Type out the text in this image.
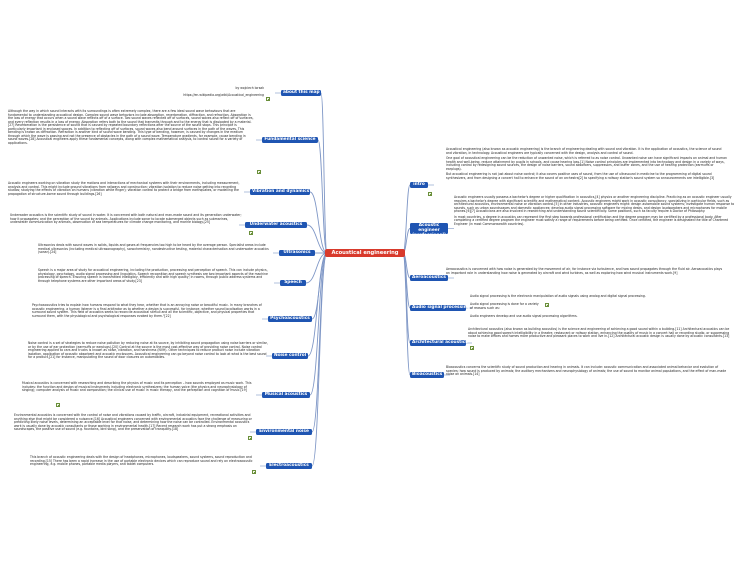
Acoustical engineering
about this map
by wojciech lorsak
https://en.wikipedia.org/wiki/Acoustical_engineering
Fundamental science
Although the way in which sound interacts with its surroundings is often extremely complex, there are a few ideal sound wave behaviours that are fundamental to understanding acoustical design. Complex sound wave behaviors include absorption, reverberation, diffraction, and refraction. Absorption is the loss of energy that occurs when a sound wave reflects off of a surface. Two sound waves reflected off of surfaces, sound waves also reflect off of surfaces, and every reflection results in a loss of energy. Absorption refers both to the sound that transmits through and to the energy that is dissipated by a material.[27] Reverberation is the persistence of sound that is caused by repeated boundary reflections after the source of the sound stops. This principle is particularly important in enclosed spaces. In addition to reflecting off of surfaces, sound waves also bend around surfaces in the path of the waves. This bending is known as diffraction. Refraction is another kind of sound wave bending. This type of bending, however, is caused by changes in the medium through which the wave is passing and not the presence of obstacles in the path of a sound wave. Temperature gradients, for example, cause bending in sound waves.[28] Acoustical engineers apply these fundamental concepts, along with complex mathematical analysis, to control sound for a variety of applications.
Vibration and dynamics
Acoustic engineers working on vibration study the motions and interactions of mechanical systems with their environments, including measurement, analysis and control. This might include ground vibrations from railways and construction; vibration isolation to reduce noise getting into recording studios; studying the effects of vibration on humans (vibration white finger); vibration control to protect a bridge from earthquakes, or modelling the propagation of structure-borne sound through buildings.[26]
Underwater acoustics
Underwater acoustics is the scientific study of sound in water. It is concerned with both natural and man-made sound and its generation underwater; how it propagates; and the perception of the sound by animals. Applications include sonar to locate submerged objects such as submarines, underwater communication by animals, observation of sea temperatures for climate change monitoring, and marine biology.[25]
Ultrasonics
Ultrasonics deals with sound waves in solids, liquids and gases at frequencies too high to be heard by the average person. Specialist areas include medical ultrasonics (including medical ultrasonography), sonochemistry, nondestructive testing, material characterisation and underwater acoustics (sonar).[24]
Speech
Speech is a major area of study for acoustical engineering, including the production, processing and perception of speech. This can include physics, physiology, psychology, audio signal processing and linguistics. Speech recognition and speech synthesis are two important aspects of the machine processing of speech. Ensuring speech is transmitted intelligibly, efficiently and with high quality; in rooms, through public address systems and through telephone systems are other important areas of study.[23]
Psychoacoustics
Psychoacoustics tries to explain how humans respond to what they hear, whether that is an annoying noise or beautiful music. In many branches of acoustic engineering, a human listener is a final arbitrator as to whether a design is successful, for instance, whether sound localisation works in a surround sound system. This field of acoustics seeks to reconcile acoustical stimuli and all the scientific, objective, and physical properties that surround them, with the physiological and psychological responses evoked by them."[22]
Noise control
Noise control is a set of strategies to reduce noise pollution by reducing noise at its source, by inhibiting sound propagation using noise barriers or similar, or by the use of ear protection (earmuffs or earplugs).[20] Control at the source is the most cost-effective way of providing noise control. Noise control engineering applied to cars and trucks is known as noise, vibration, and harshness (NVH). Other techniques to reduce product noise include vibration isolation, application of acoustic absorbent and acoustic enclosures. Acoustical engineering can go beyond noise control to look at what is the best sound for a product,[21] for instance, manipulating the sound of door closures on automobiles.
Musical acoustics
Musical acoustics is concerned with researching and describing the physics of music and its perception – how sounds employed as music work. This includes: the function and design of musical instruments including electronic synthesizers; the human voice (the physics and neurophysiology of singing); computer analysis of music and composition; the clinical use of music in music therapy, and the perception and cognition of music.[19]
Environmental noise
Environmental acoustics is concerned with the control of noise and vibrations caused by traffic, aircraft, industrial equipment, recreational activities and anything else that might be considered a nuisance.[16] Acoustical engineers concerned with environmental acoustics face the challenge of measuring or predicting likely noise levels, determining an acceptable level for that noise, and determining how the noise can be controlled. Environmental acoustics work is usually done by acoustic consultants or those working in environmental health.[17] Recent research work has put a strong emphasis on soundscapes, the positive use of sound (e.g. fountains, bird song), and the preservation of tranquility.[18]
Electroacoustics
This branch of acoustic engineering deals with the design of headphones, microphones, loudspeakers, sound systems, sound reproduction and recording.[15] There has been a rapid increase in the use of portable electronic devices which can reproduce sound and rely on electroacoustic engineering, e.g. mobile phones, portable media players, and tablet computers.
intro

Acoustical engineering (also known as acoustic engineering) is the branch of engineering dealing with sound and vibration. It is the application of acoustics, the science of sound and vibration, in technology. Acoustical engineers are typically concerned with the design, analysis and control of sound.

One goal of acoustical engineering can be the reduction of unwanted noise, which is referred to as noise control. Unwanted noise can have significant impacts on animal and human health and well-being, reduce attainment by pupils in schools, and cause hearing loss.[1] Noise control principles are implemented into technology and design in a variety of ways, including control by redesigning sound sources, the design of noise barriers, sound absorbers, suppressors, and buffer zones, and the use of hearing protection (earmuffs or earplugs).

But acoustical engineering is not just about noise control; it also covers positive uses of sound, from the use of ultrasound in medicine to the programming of digital sound synthesizers, and from designing a concert hall to enhance the sound of an orchestra[2] to specifying a railway station's sound system so announcements are intelligible.[3]

Acoustic engineer (professional)

Acoustic engineers usually possess a bachelor's degree or higher qualification in acoustics,[4] physics or another engineering discipline. Practicing as an acoustic engineer usually requires a bachelor's degree with significant scientific and mathematical content. Acoustic engineers might work in acoustic consultancy, specializing in particular fields, such as architectural acoustics, environmental noise or vibration control.[5] In other industries, acoustic engineers might: design automobile sound systems; investigate human response to sounds, such as urban soundscapes and domestic appliances; develop audio signal processing software for mixing desks, and design loudspeakers and microphones for mobile phones.[6][7] Acousticians are also involved in researching and understanding sound scientifically. Some positions, such as faculty require a Doctor of Philosophy.

In most countries, a degree in acoustics can represent the first step towards professional certification and the degree program may be certified by a professional body. After completing a certified degree program the engineer must satisfy a range of requirements before being certified. Once certified, the engineer is designated the title of Chartered Engineer (in most Commonwealth countries).

Aeroacoustics
Aeroacoustics is concerned with how noise is generated by the movement of air, for instance via turbulence, and how sound propagates through the fluid air. Aeroacoustics plays an important role in understanding how noise is generated by aircraft and wind turbines, as well as exploring how wind musical instruments work.[9]
Audio signal processing
Audio signal processing is the electronic manipulation of audio signals using analog and digital signal processing.
Audio signal processing is done for a variety of reasons such as:
Audio engineers develop and use audio signal processing algorithms.
Architectural acoustics
Architectural acoustics (also known as building acoustics) is the science and engineering of achieving a good sound within a building.[11] Architectural acoustics can be about achieving good speech intelligibility in a theatre, restaurant or railway station, enhancing the quality of music in a concert hall or recording studio, or suppressing noise to make offices and homes more productive and pleasant places to work and live in.[12] Architectural acoustic design is usually done by acoustic consultants.[13]
Bioacoustics
Bioacoustics concerns the scientific study of sound production and hearing in animals. It can include: acoustic communication and associated animal behavior and evolution of species; how sound is produced by animals; the auditory mechanisms and neurophysiology of animals; the use of sound to monitor animal populations, and the effect of man-made noise on animals.[14]
